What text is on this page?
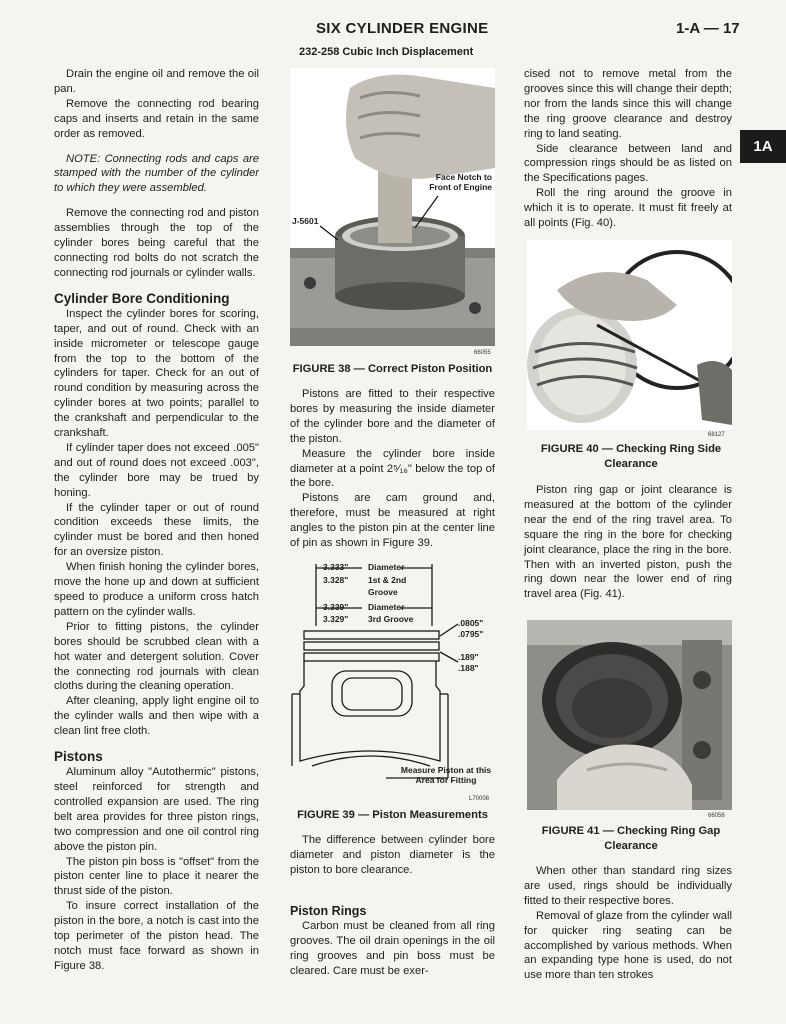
SIX CYLINDER ENGINE	1-A — 17
232-258 Cubic Inch Displacement
1A

Drain the engine oil and remove the oil pan.

Remove the connecting rod bearing caps and inserts and retain in the same order as removed.

NOTE: Connecting rods and caps are stamped with the number of the cylinder to which they were assembled.

Remove the connecting rod and piston assemblies through the top of the cylinder bores being careful that the connecting rod bolts do not scratch the connecting rod journals or cylinder walls.

Cylinder Bore Conditioning

Inspect the cylinder bores for scoring, taper, and out of round. Check with an inside micrometer or telescope gauge from the top to the bottom of the cylinders for taper. Check for an out of round condition by measuring across the cylinder bores at two points; parallel to the crankshaft and perpendicular to the crankshaft.

If cylinder taper does not exceed .005" and out of round does not exceed .003", the cylinder bore may be trued by honing.

If the cylinder taper or out of round condition exceeds these limits, the cylinder must be bored and then honed for an oversize piston.

When finish honing the cylinder bores, move the hone up and down at sufficient speed to produce a uniform cross hatch pattern on the cylinder walls.

Prior to fitting pistons, the cylinder bores should be scrubbed clean with a hot water and detergent solution. Cover the connecting rod journals with clean cloths during the cleaning operation.

After cleaning, apply light engine oil to the cylinder walls and then wipe with a clean lint free cloth.

Pistons

Aluminum alloy "Autothermic" pistons, steel reinforced for strength and controlled expansion are used. The ring belt area provides for three piston rings, two compression and one oil control ring above the piston pin.

The piston pin boss is "offset" from the piston center line to place it nearer the thrust side of the piston.

To insure correct installation of the piston in the bore, a notch is cast into the top perimeter of the piston head. The notch must face forward as shown in Figure 38.

Face Notch to Front of Engine
J-5601
66055
FIGURE 38 — Correct Piston Position

Pistons are fitted to their respective bores by measuring the inside diameter of the cylinder bore and the diameter of the piston.

Measure the cylinder bore inside diameter at a point 2⁵⁄₁₆" below the top of the bore.

Pistons are cam ground and, therefore, must be measured at right angles to the piston pin at the center line of pin as shown in Figure 39.

3.333"
3.328"
Diameter
1st & 2nd
Groove
3.339"
3.329"
Diameter
3rd Groove	.0805"
.0795"
.189"
.188"
Measure Piston at this Area for Fitting
L70008
FIGURE 39 — Piston Measurements

The difference between cylinder bore diameter and piston diameter is the piston to bore clearance.

Piston Rings

Carbon must be cleaned from all ring grooves. The oil drain openings in the oil ring grooves and pin boss must be cleared. Care must be exer-

cised not to remove metal from the grooves since this will change their depth; nor from the lands since this will change the ring groove clearance and destroy ring to land seating.

Side clearance between land and compression rings should be as listed on the Specifications pages.

Roll the ring around the groove in which it is to operate. It must fit freely at all points (Fig. 40).

68127
FIGURE 40 — Checking Ring Side Clearance

Piston ring gap or joint clearance is measured at the bottom of the cylinder near the end of the ring travel area. To square the ring in the bore for checking joint clearance, place the ring in the bore. Then with an inverted piston, push the ring down near the lower end of ring travel area (Fig. 41).

66056
FIGURE 41 — Checking Ring Gap Clearance

When other than standard ring sizes are used, rings should be individually fitted to their respective bores.

Removal of glaze from the cylinder wall for quicker ring seating can be accomplished by various methods. When an expanding type hone is used, do not use more than ten strokes
